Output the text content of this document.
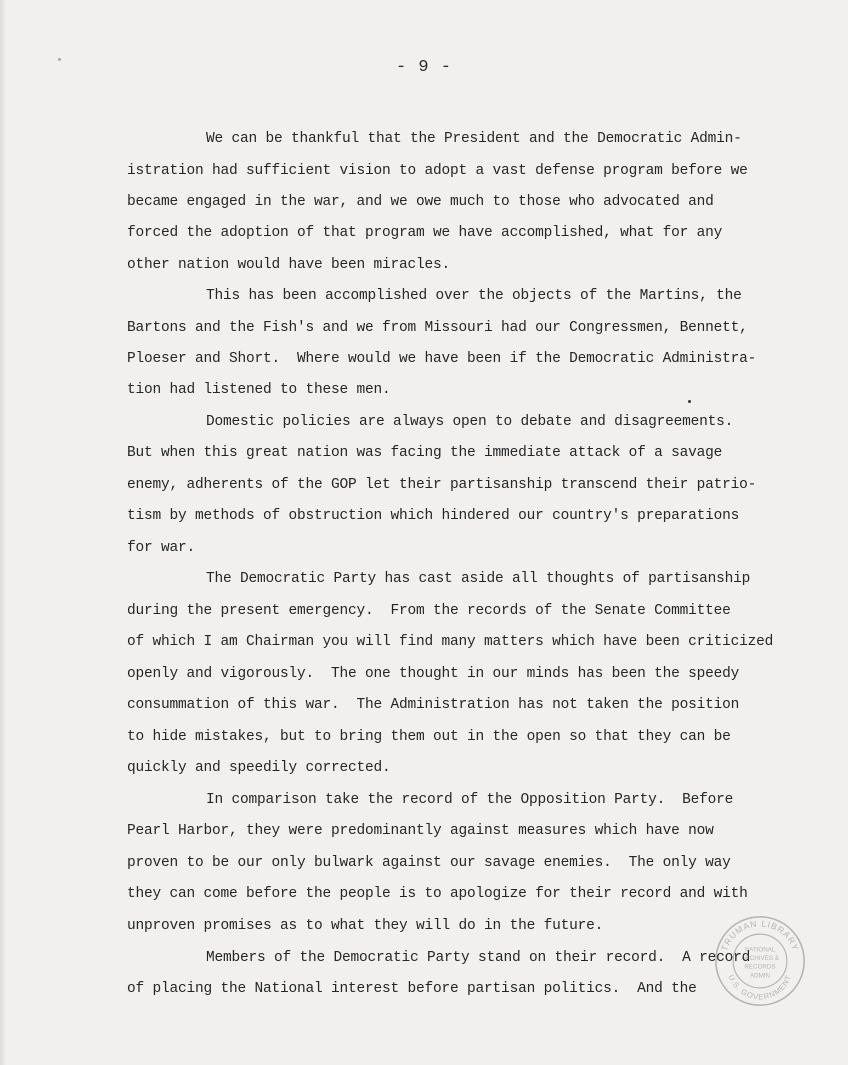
- 9 -
We can be thankful that the President and the Democratic Admin-
istration had sufficient vision to adopt a vast defense program before we
became engaged in the war, and we owe much to those who advocated and
forced the adoption of that program we have accomplished, what for any
other nation would have been miracles.
This has been accomplished over the objects of the Martins, the
Bartons and the Fish's and we from Missouri had our Congressmen, Bennett,
Ploeser and Short.  Where would we have been if the Democratic Administra-
tion had listened to these men.
Domestic policies are always open to debate and disagreements.
But when this great nation was facing the immediate attack of a savage
enemy, adherents of the GOP let their partisanship transcend their patrio-
tism by methods of obstruction which hindered our country's preparations
for war.
The Democratic Party has cast aside all thoughts of partisanship
during the present emergency.  From the records of the Senate Committee
of which I am Chairman you will find many matters which have been criticized
openly and vigorously.  The one thought in our minds has been the speedy
consummation of this war.  The Administration has not taken the position
to hide mistakes, but to bring them out in the open so that they can be
quickly and speedily corrected.
In comparison take the record of the Opposition Party.  Before
Pearl Harbor, they were predominantly against measures which have now
proven to be our only bulwark against our savage enemies.  The only way
they can come before the people is to apologize for their record and with
unproven promises as to what they will do in the future.
Members of the Democratic Party stand on their record.  A record
of placing the National interest before partisan politics.  And the
TRUMAN LIBRARY
U.S. GOVERNMENT
NATIONAL
ARCHIVES &
RECORDS
ADMIN
